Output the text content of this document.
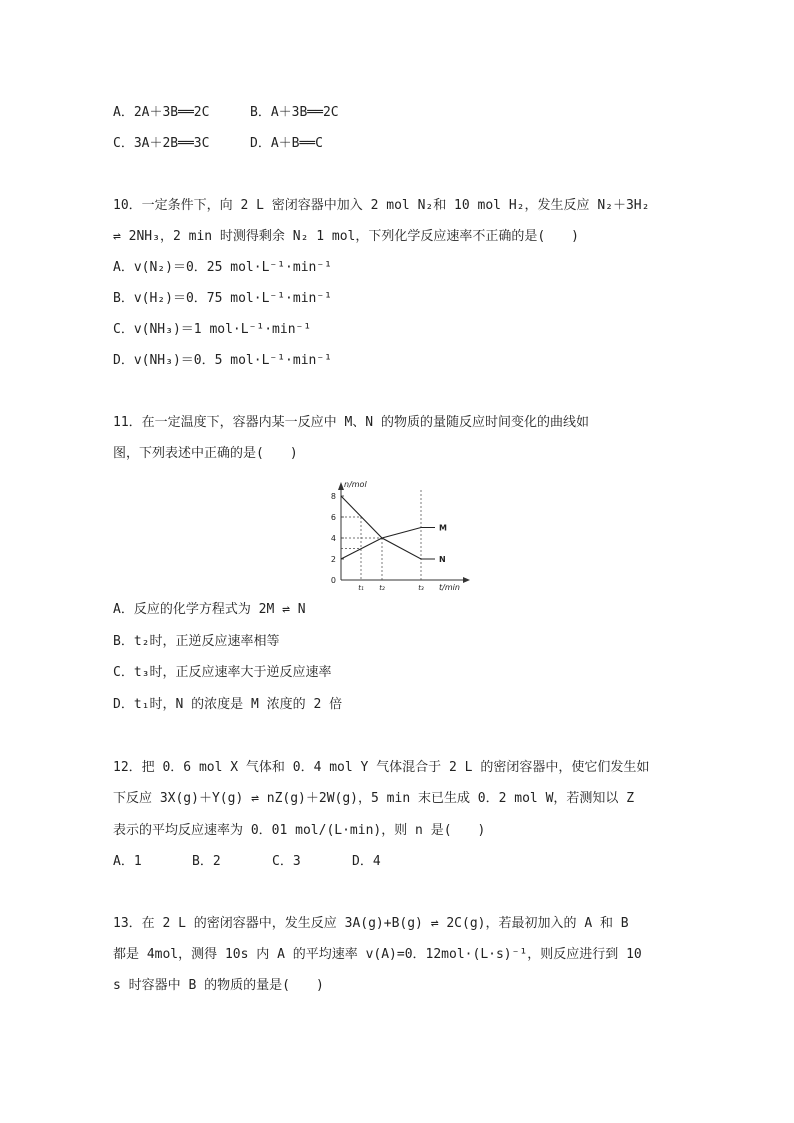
A．2A＋3B══2C	B．A＋3B══2C
C．3A＋2B══3C	D．A＋B══C
10．一定条件下，向 2 L 密闭容器中加入 2 mol N₂和 10 mol H₂，发生反应 N₂＋3H₂
⇌ 2NH₃，2 min 时测得剩余 N₂ 1 mol，下列化学反应速率不正确的是(　　)
A．v(N₂)＝0．25 mol·L⁻¹·min⁻¹
B．v(H₂)＝0．75 mol·L⁻¹·min⁻¹
C．v(NH₃)＝1 mol·L⁻¹·min⁻¹
D．v(NH₃)＝0．5 mol·L⁻¹·min⁻¹
11．在一定温度下，容器内某一反应中 M、N 的物质的量随反应时间变化的曲线如
图，下列表述中正确的是(　　)
n/mol
t/min
0
2
4
6
8
t₁ t₂	t₃
M
N
A．反应的化学方程式为 2M ⇌ N
B．t₂时，正逆反应速率相等
C．t₃时，正反应速率大于逆反应速率
D．t₁时，N 的浓度是 M 浓度的 2 倍
12．把 0．6 mol X 气体和 0．4 mol Y 气体混合于 2 L 的密闭容器中，使它们发生如
下反应 3X(g)＋Y(g) ⇌ nZ(g)＋2W(g)，5 min 末已生成 0．2 mol W，若测知以 Z
表示的平均反应速率为 0．01 mol/(L·min)，则 n 是(　　)
A．1	B．2	C．3	D．4
13．在 2 L 的密闭容器中，发生反应 3A(g)+B(g) ⇌ 2C(g)，若最初加入的 A 和 B
都是 4mol，测得 10s 内 A 的平均速率 v(A)=0．12mol·(L·s)⁻¹，则反应进行到 10
s 时容器中 B 的物质的量是(　　)
